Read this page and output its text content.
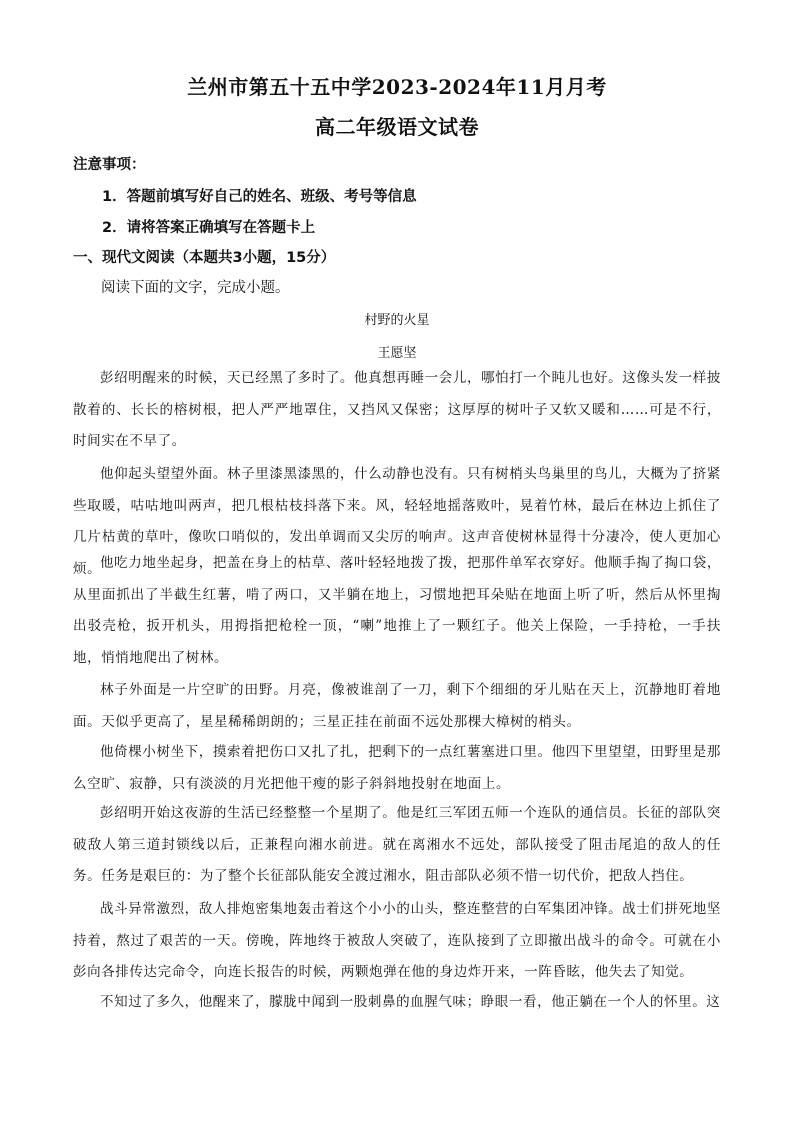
兰州市第五十五中学2023-2024年11月月考
高二年级语文试卷
注意事项：
1．答题前填写好自己的姓名、班级、考号等信息
2．请将答案正确填写在答题卡上
一、现代文阅读（本题共3小题，15分）
阅读下面的文字，完成小题。
村野的火星
王愿坚

彭绍明醒来的时候，天已经黑了多时了。他真想再睡一会儿，哪怕打一个盹儿也好。这像头发一样披散着的、长长的榕树根，把人严严地罩住，又挡风又保密；这厚厚的树叶子又软又暖和……可是不行，时间实在不早了。

他仰起头望望外面。林子里漆黑漆黑的，什么动静也没有。只有树梢头鸟巢里的鸟儿，大概为了挤紧些取暖，咕咕地叫两声，把几根枯枝抖落下来。风，轻轻地摇落败叶，晃着竹林，最后在林边上抓住了几片枯黄的草叶，像吹口哨似的，发出单调而又尖厉的响声。这声音使树林显得十分凄冷，使人更加心烦。

他吃力地坐起身，把盖在身上的枯草、落叶轻轻地拨了拨，把那件单军衣穿好。他顺手掏了掏口袋，从里面抓出了半截生红薯，啃了两口，又半躺在地上，习惯地把耳朵贴在地面上听了听，然后从怀里掏出驳壳枪，扳开机头，用拇指把枪栓一顶，“喇”地推上了一颗红子。他关上保险，一手持枪，一手扶地，悄悄地爬出了树林。

林子外面是一片空旷的田野。月亮，像被谁剖了一刀，剩下个细细的牙儿贴在天上，沉静地盯着地面。天似乎更高了，星星稀稀朗朗的；三星正挂在前面不远处那棵大樟树的梢头。

他倚棵小树坐下，摸索着把伤口又扎了扎，把剩下的一点红薯塞进口里。他四下里望望，田野里是那么空旷、寂静，只有淡淡的月光把他干瘦的影子斜斜地投射在地面上。

彭绍明开始这夜游的生活已经整整一个星期了。他是红三军团五师一个连队的通信员。长征的部队突破敌人第三道封锁线以后，正兼程向湘水前进。就在离湘水不远处，部队接受了阻击尾追的敌人的任务。任务是艰巨的：为了整个长征部队能安全渡过湘水，阻击部队必须不惜一切代价，把敌人挡住。

战斗异常激烈，敌人排炮密集地轰击着这个小小的山头，整连整营的白军集团冲锋。战士们拼死地坚持着，熬过了艰苦的一天。傍晚，阵地终于被敌人突破了，连队接到了立即撤出战斗的命令。可就在小彭向各排传达完命令，向连长报告的时候，两颗炮弹在他的身边炸开来，一阵昏眩，他失去了知觉。

不知过了多久，他醒来了，朦胧中闻到一股刺鼻的血腥气味；睁眼一看，他正躺在一个人的怀里。这
